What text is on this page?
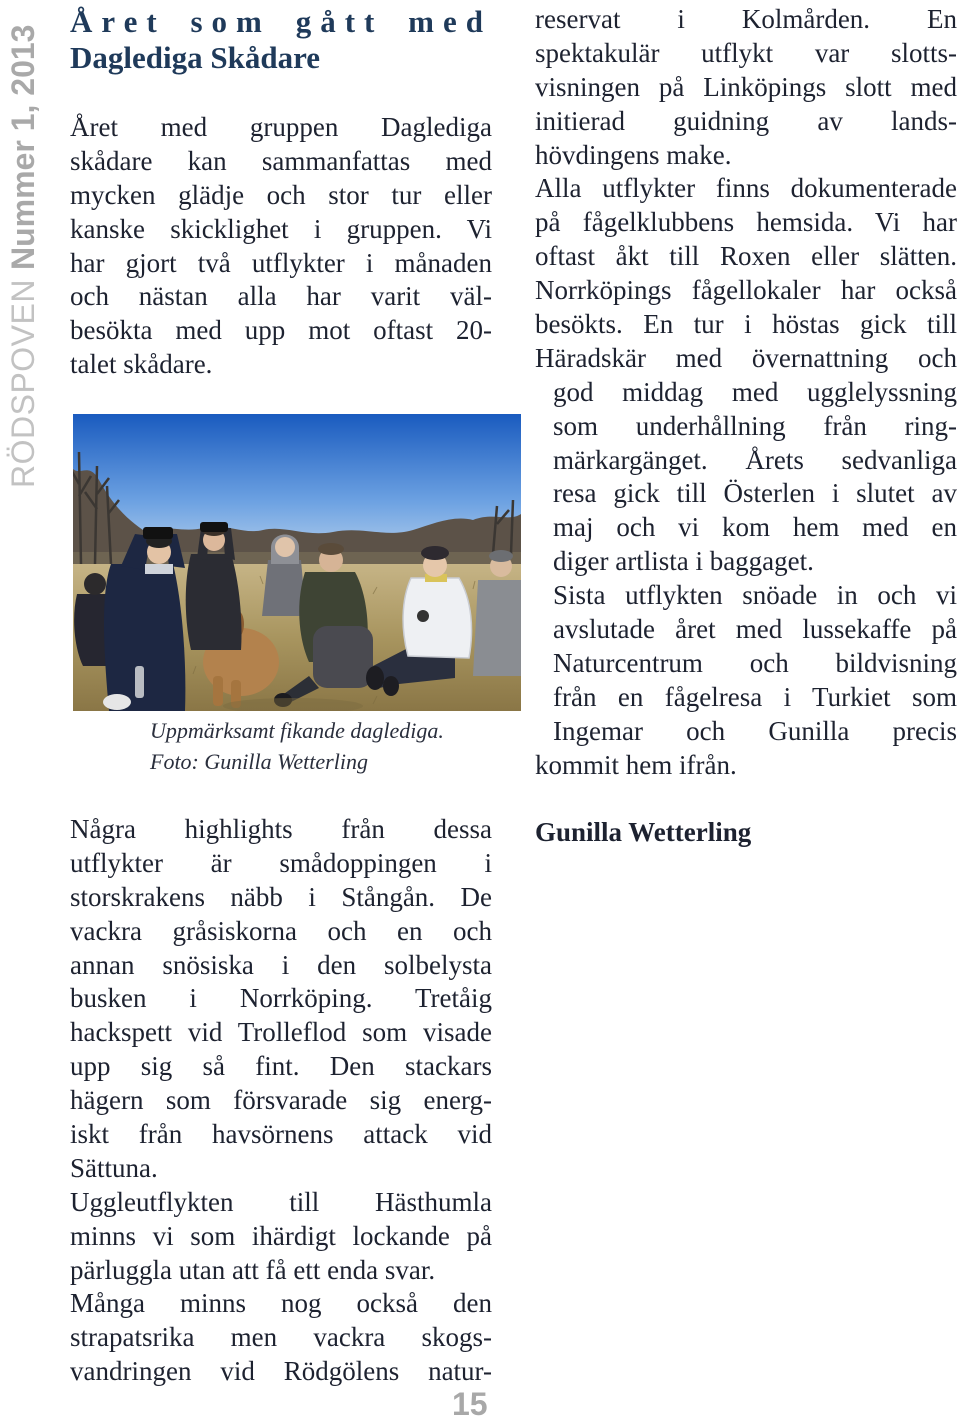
RÖDSPOVENNummer 1, 2013
Året som gått med
Daglediga Skådare
Året med gruppen Daglediga
skådare kan sammanfattas med
mycken glädje och stor tur eller
kanske skicklighet i gruppen. Vi
har gjort två utflykter i månaden
och nästan alla har varit väl-
besökta med upp mot oftast 20-
talet skådare.
Uppmärksamt fikande daglediga.
Foto: Gunilla Wetterling
Några highlights från dessa
utflykter är smådoppingen i
storskrakens näbb i Stångån. De
vackra gråsiskorna och en och
annan snösiska i den solbelysta
busken i Norrköping. Tretåig
hackspett vid Trolleflod som visade
upp sig så fint. Den stackars
hägern som försvarade sig energ-
iskt från havsörnens attack vid
Sättuna.
Uggleutflykten till Hästhumla
minns vi som ihärdigt lockande på
pärluggla utan att få ett enda svar.
Många minns nog också den
strapatsrika men vackra skogs-
vandringen vid Rödgölens natur-
reservat i Kolmården. En
spektakulär utflykt var slotts-
visningen på Linköpings slott med
initierad guidning av lands-
hövdingens make.
Alla utflykter finns dokumenterade
på fågelklubbens hemsida. Vi har
oftast åkt till Roxen eller slätten.
Norrköpings fågellokaler har också
besökts. En tur i höstas gick till
Häradskär med övernattning och
god middag med ugglelyssning
som underhållning från ring-
märkargänget. Årets sedvanliga
resa gick till Österlen i slutet av
maj och vi kom hem med en
diger artlista i baggaget.
Sista utflykten snöade in och vi
avslutade året med lussekaffe på
Naturcentrum och bildvisning
från en fågelresa i Turkiet som
Ingemar och Gunilla precis
kommit hem ifrån.
Gunilla Wetterling
15
